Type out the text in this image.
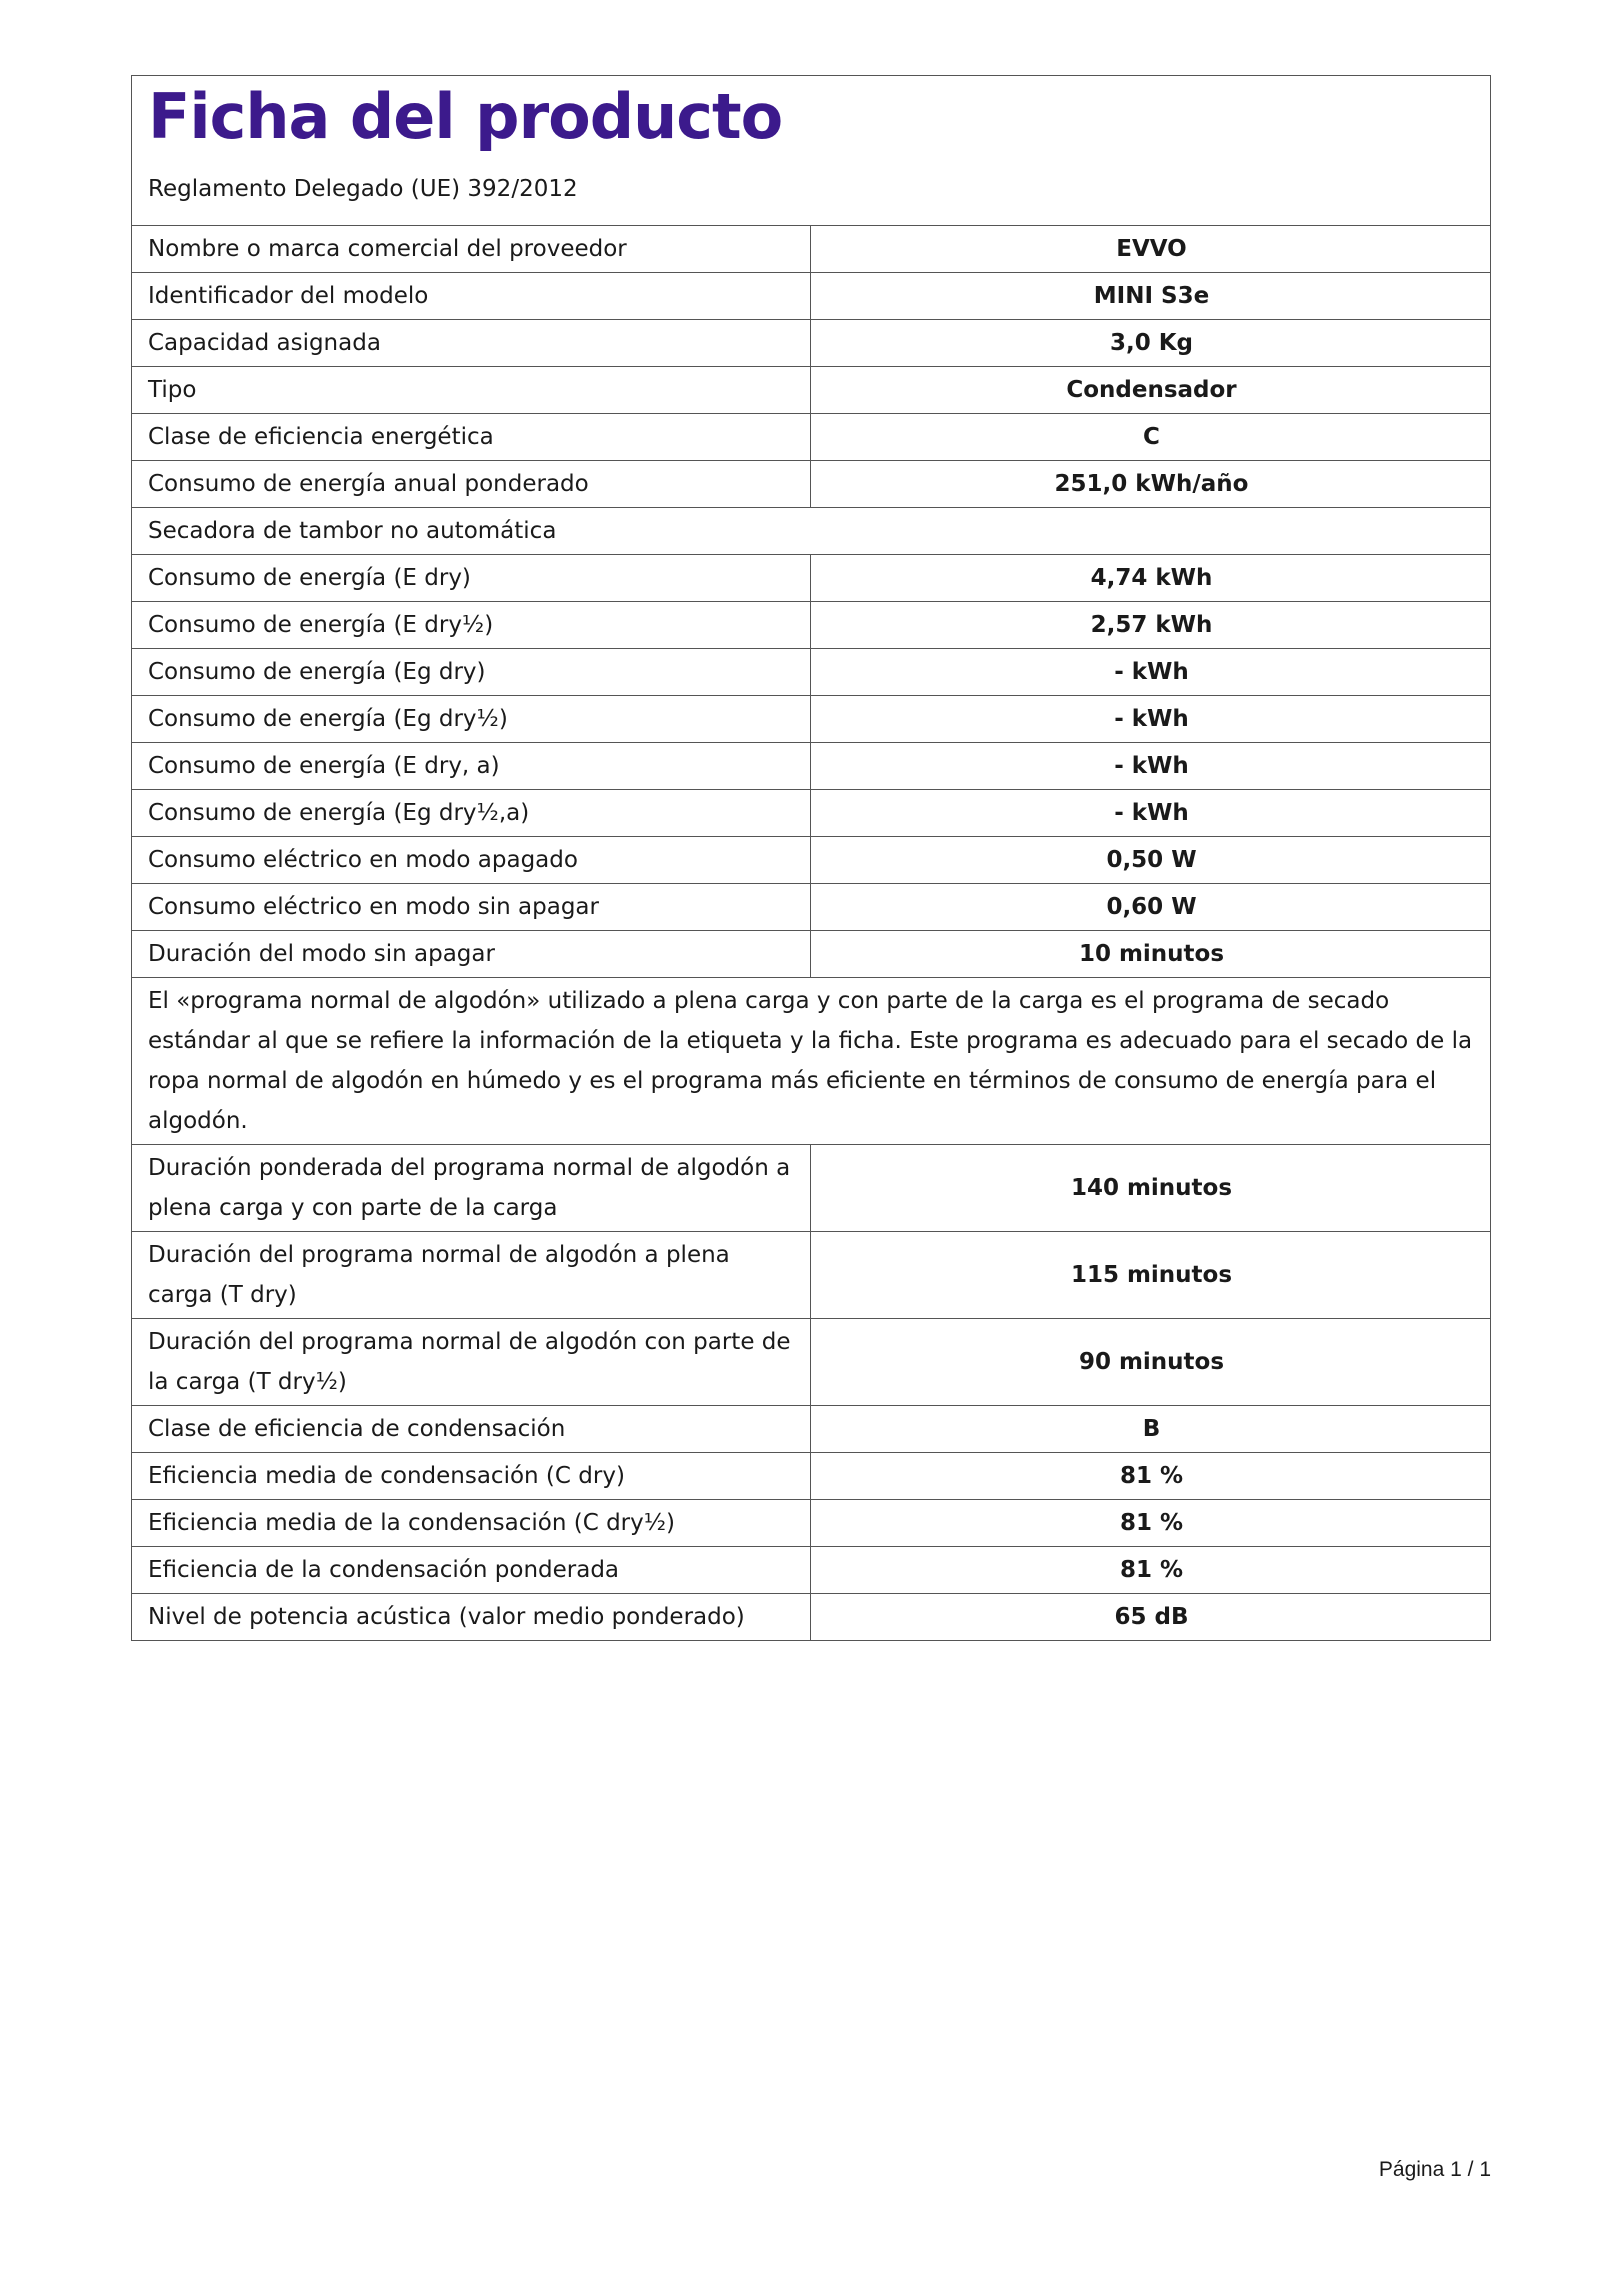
Ficha del producto
Reglamento Delegado (UE) 392/2012
Nombre o marca comercial del proveedor	EVVO
Identificador del modelo	MINI S3e
Capacidad asignada	3,0 Kg
Tipo	Condensador
Clase de eficiencia energética	C
Consumo de energía anual ponderado	251,0 kWh/año
Secadora de tambor no automática	
Consumo de energía (E dry)	4,74 kWh
Consumo de energía (E dry½)	2,57 kWh
Consumo de energía (Eg dry)	- kWh
Consumo de energía (Eg dry½)	- kWh
Consumo de energía (E dry, a)	- kWh
Consumo de energía (Eg dry½,a)	- kWh
Consumo eléctrico en modo apagado	0,50 W
Consumo eléctrico en modo sin apagar	0,60 W
Duración del modo sin apagar	10 minutos
El «programa normal de algodón» utilizado a plena carga y con parte de la carga es el programa de secado estándar al que se refiere la información de la etiqueta y la ficha. Este programa es adecuado para el secado de la ropa normal de algodón en húmedo y es el programa más eficiente en términos de consumo de energía para el algodón.	
Duración ponderada del programa normal de algodón a plena carga y con parte de la carga	140 minutos
Duración del programa normal de algodón a plena carga (T dry)	115 minutos
Duración del programa normal de algodón con parte de la carga (T dry½)	90 minutos
Clase de eficiencia de condensación	B
Eficiencia media de condensación (C dry)	81 %
Eficiencia media de la condensación (C dry½)	81 %
Eficiencia de la condensación ponderada	81 %
Nivel de potencia acústica (valor medio ponderado)	65 dB
Página 1 / 1
